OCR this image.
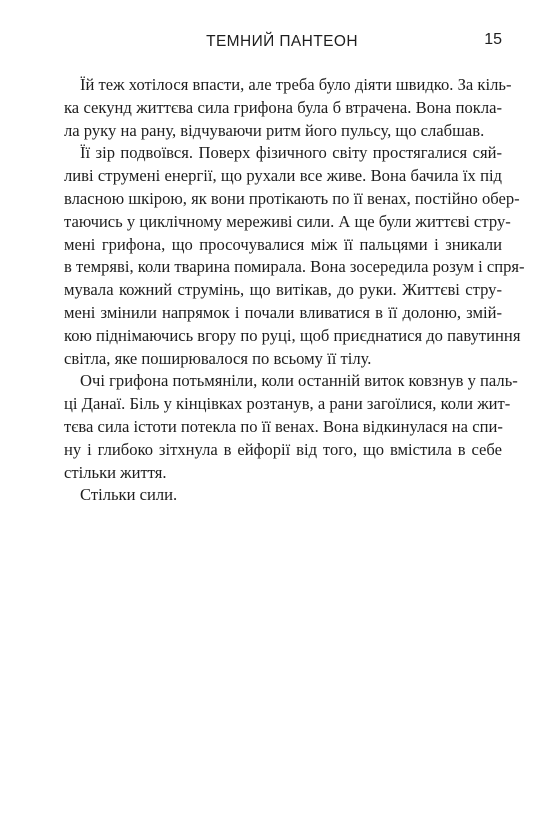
ТЕМНИЙ ПАНТЕОН	15

Їй теж хотілося впасти, але треба було діяти швидко. За кіль-
ка секунд життєва сила грифона була б втрачена. Вона покла-
ла руку на рану, відчуваючи ритм його пульсу, що слабшав.

Її зір подвоївся. Поверх фізичного світу простягалися сяй-
ливі струмені енергії, що рухали все живе. Вона бачила їх під
власною шкірою, як вони протікають по її венах, постійно обер-
таючись у циклічному мереживі сили. А ще були життєві стру-
мені грифона, що просочувалися між її пальцями і зникали
в темряві, коли тварина помирала. Вона зосередила розум і спря-
мувала кожний струмінь, що витікав, до руки. Життєві стру-
мені змінили напрямок і почали вливатися в її долоню, змій-
кою піднімаючись вгору по руці, щоб приєднатися до павутиння
світла, яке поширювалося по всьому її тілу.

Очі грифона потьмяніли, коли останній виток ковзнув у паль-
ці Данаї. Біль у кінцівках розтанув, а рани загоїлися, коли жит-
тєва сила істоти потекла по її венах. Вона відкинулася на спи-
ну і глибоко зітхнула в ейфорії від того, що вмістила в себе
стільки життя.

Стільки сили.
